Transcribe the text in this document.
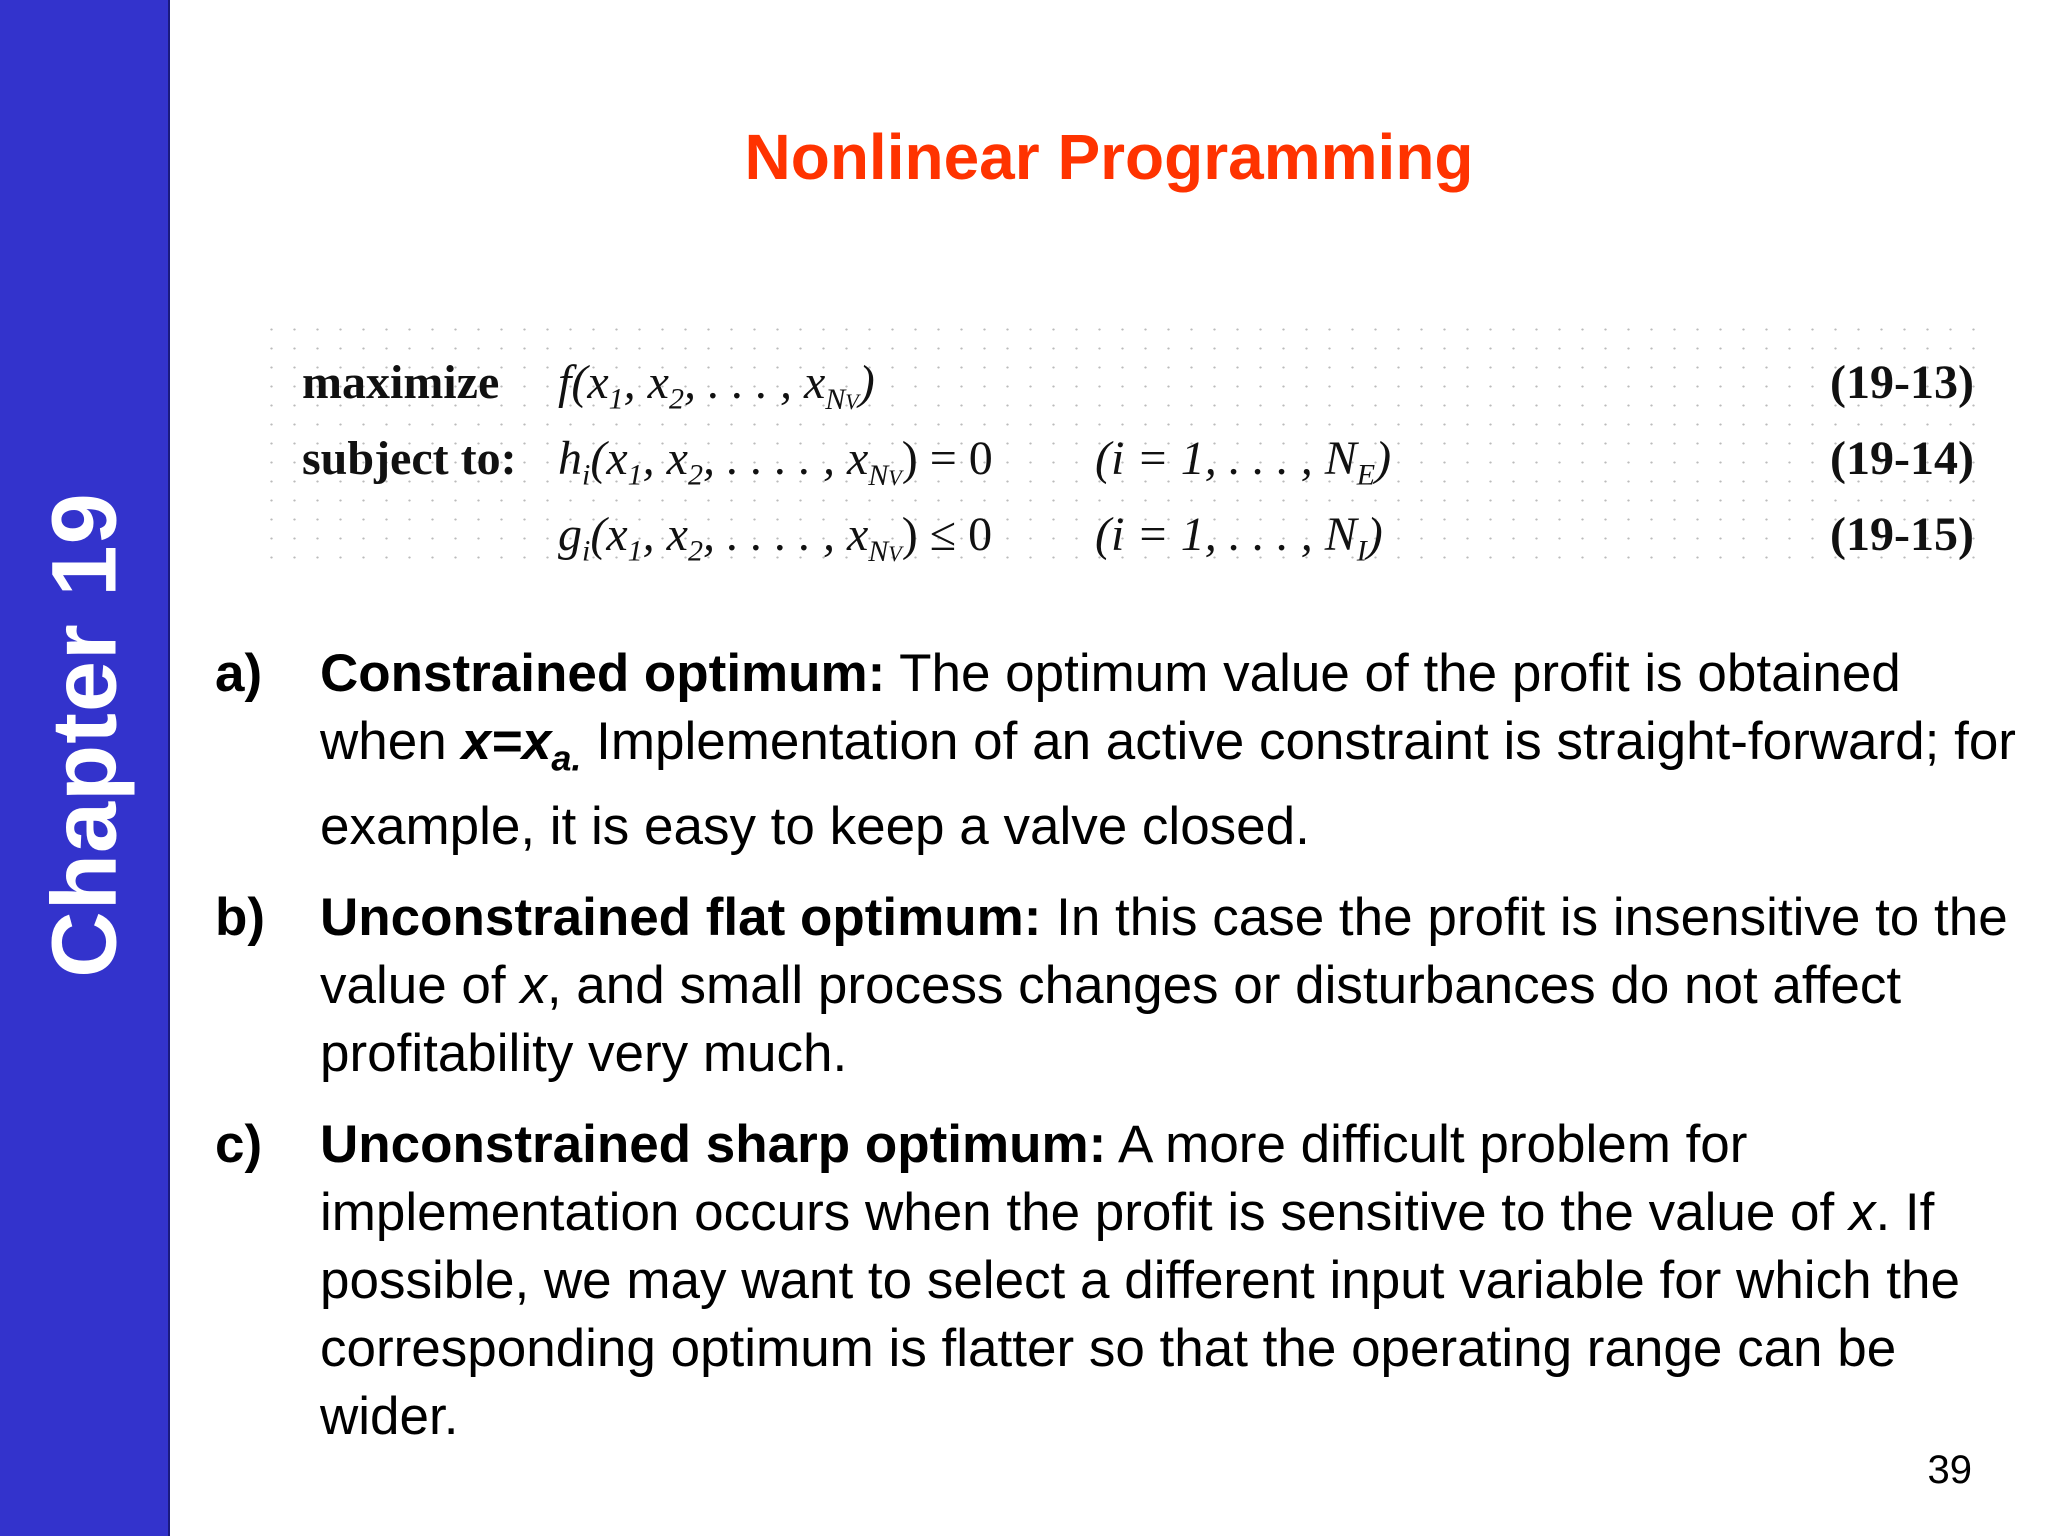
Chapter 19
Nonlinear Programming
maximize $f(x_1$, $x_2$, . . . , $x_{NV}$)	(19-13)
subject to: $h_i(x_1$, $x_2$, . . . . , $x_{NV}) = 0$ (i = 1, . . . , $N_E$)	(19-14)
$g_i(x_1$, $x_2$, . . . . , $x_{NV}) \le 0$ (i = 1, . . . , $N_I$)	(19-15)
a) Constrained optimum: The optimum value of the profit is obtained when $x=x_{a.}$ Implementation of an active constraint is straight-forward; for example, it is easy to keep a valve closed.
b) Unconstrained flat optimum: In this case the profit is insensitive to the value of x, and small process changes or disturbances do not affect profitability very much.
c) Unconstrained sharp optimum: A more difficult problem for implementation occurs when the profit is sensitive to the value of x. If possible, we may want to select a different input variable for which the corresponding optimum is flatter so that the operating range can be wider.
39
